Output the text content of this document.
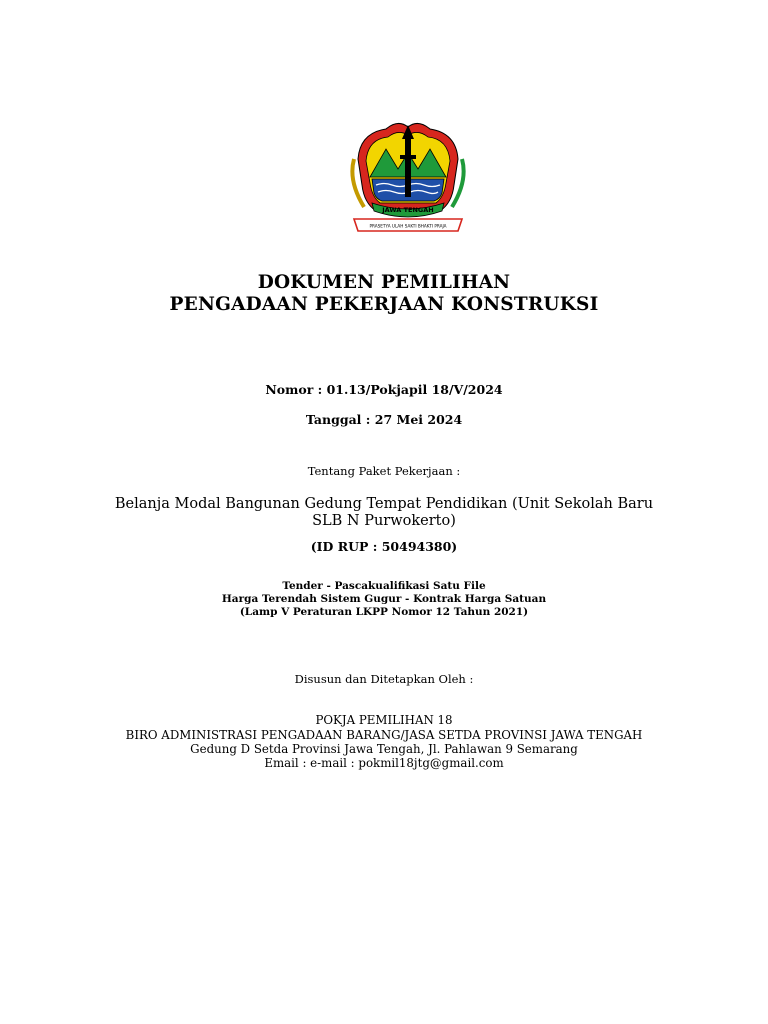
JAWA TENGAH
PRASETYA ULAH SAKTI BHAKTI PRAJA
DOKUMEN PEMILIHAN
PENGADAAN PEKERJAAN KONSTRUKSI
Nomor : 01.13/Pokjapil 18/V/2024
Tanggal : 27 Mei 2024
Tentang Paket Pekerjaan :
Belanja Modal Bangunan Gedung Tempat Pendidikan (Unit Sekolah Baru
SLB N Purwokerto)
(ID RUP : 50494380)
Tender - Pascakualifikasi Satu File
Harga Terendah Sistem Gugur - Kontrak Harga Satuan
(Lamp V Peraturan LKPP Nomor 12 Tahun 2021)
Disusun dan Ditetapkan Oleh :
POKJA PEMILIHAN 18
BIRO ADMINISTRASI PENGADAAN BARANG/JASA SETDA PROVINSI JAWA TENGAH
Gedung D Setda Provinsi Jawa Tengah, Jl. Pahlawan 9 Semarang
Email : e-mail : pokmil18jtg@gmail.com
